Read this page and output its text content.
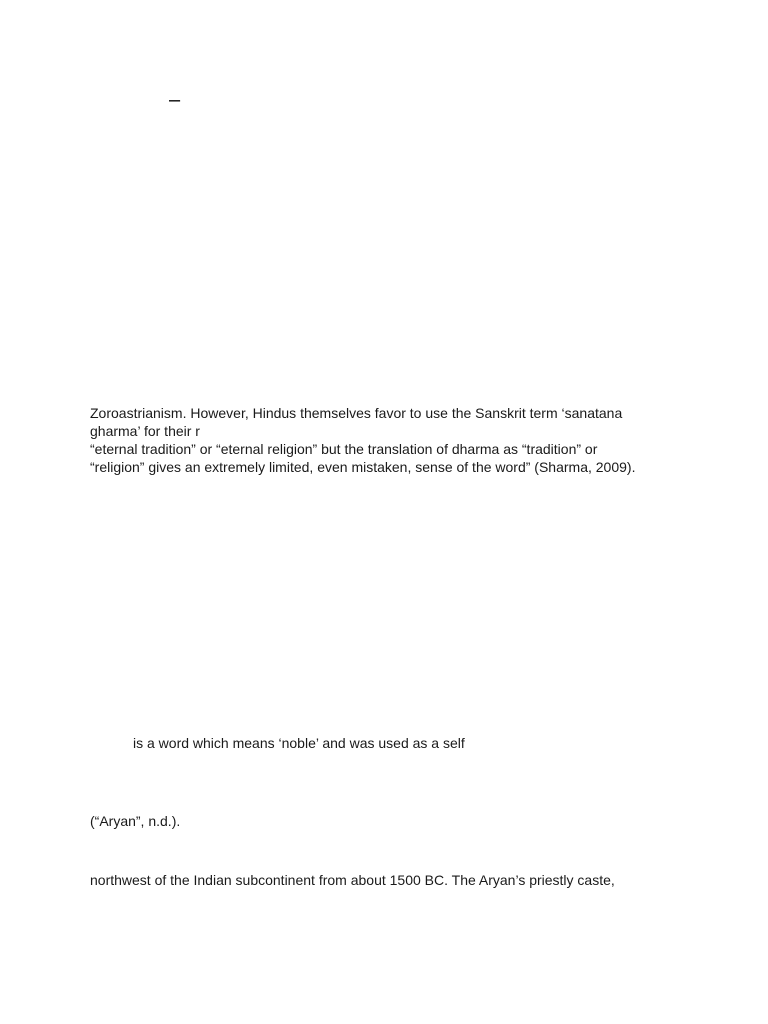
–
Zoroastrianism. However, Hindus themselves favor to use the Sanskrit term ‘sanatana
gharma’ for their r
“eternal tradition” or “eternal religion” but the translation of dharma as “tradition” or
“religion” gives an extremely limited, even mistaken, sense of the word” (Sharma, 2009).
is a word which means ‘noble’ and was used as a self
(“Aryan”, n.d.).
northwest of the Indian subcontinent from about 1500 BC. The Aryan’s priestly caste,
